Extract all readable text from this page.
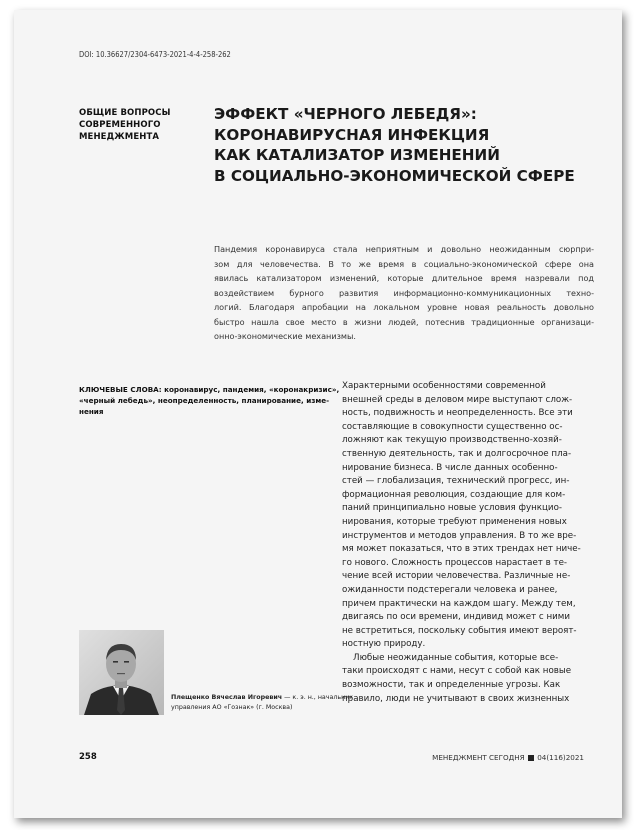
DOI: 10.36627/2304-6473-2021-4-4-258-262
ОБЩИЕ ВОПРОСЫ
СОВРЕМЕННОГО
МЕНЕДЖМЕНТА
ЭФФЕКТ «ЧЕРНОГО ЛЕБЕДЯ»:
КОРОНАВИРУСНАЯ ИНФЕКЦИЯ
КАК КАТАЛИЗАТОР ИЗМЕНЕНИЙ
В СОЦИАЛЬНО-ЭКОНОМИЧЕСКОЙ СФЕРЕ
Пандемия коронавируса стала неприятным и довольно неожиданным сюрпри-
зом для человечества. В то же время в социально-экономической сфере она
явилась катализатором изменений, которые длительное время назревали под
воздействием бурного развития информационно-коммуникационных техно-
логий. Благодаря апробации на локальном уровне новая реальность довольно
быстро нашла свое место в жизни людей, потеснив традиционные организаци-
онно-экономические механизмы.
КЛЮЧЕВЫЕ СЛОВА: коронавирус, пандемия, «коронакризис»,
«черный лебедь», неопределенность, планирование, изме-
нения
Характерными особенностями современной
внешней среды в деловом мире выступают слож-
ность, подвижность и неопределенность. Все эти
составляющие в совокупности существенно ос-
ложняют как текущую производственно-хозяй-
ственную деятельность, так и долгосрочное пла-
нирование бизнеса. В числе данных особенно-
стей — глобализация, технический прогресс, ин-
формационная революция, создающие для ком-
паний принципиально новые условия функцио-
нирования, которые требуют применения новых
инструментов и методов управления. В то же вре-
мя может показаться, что в этих трендах нет ничe-
го нового. Сложность процессов нарастает в те-
чение всей истории человечества. Различные не-
ожиданности подстерегали человека и ранее,
причем практически на каждом шагу. Между тем,
двигаясь по оси времени, индивид может с ними
не встретиться, поскольку события имеют вероят-
ностную природу.
Любые неожиданные события, которые все-
таки происходят с нами, несут с собой как новые
возможности, так и определенные угрозы. Как
правило, люди не учитывают в своих жизненных
Плещенко Вячеслав Игоревич — к. э. н., начальник
управления АО «Гознак» (г. Москва)
258	МЕНЕДЖМЕНТ СЕГОДНЯ 04(116)2021
